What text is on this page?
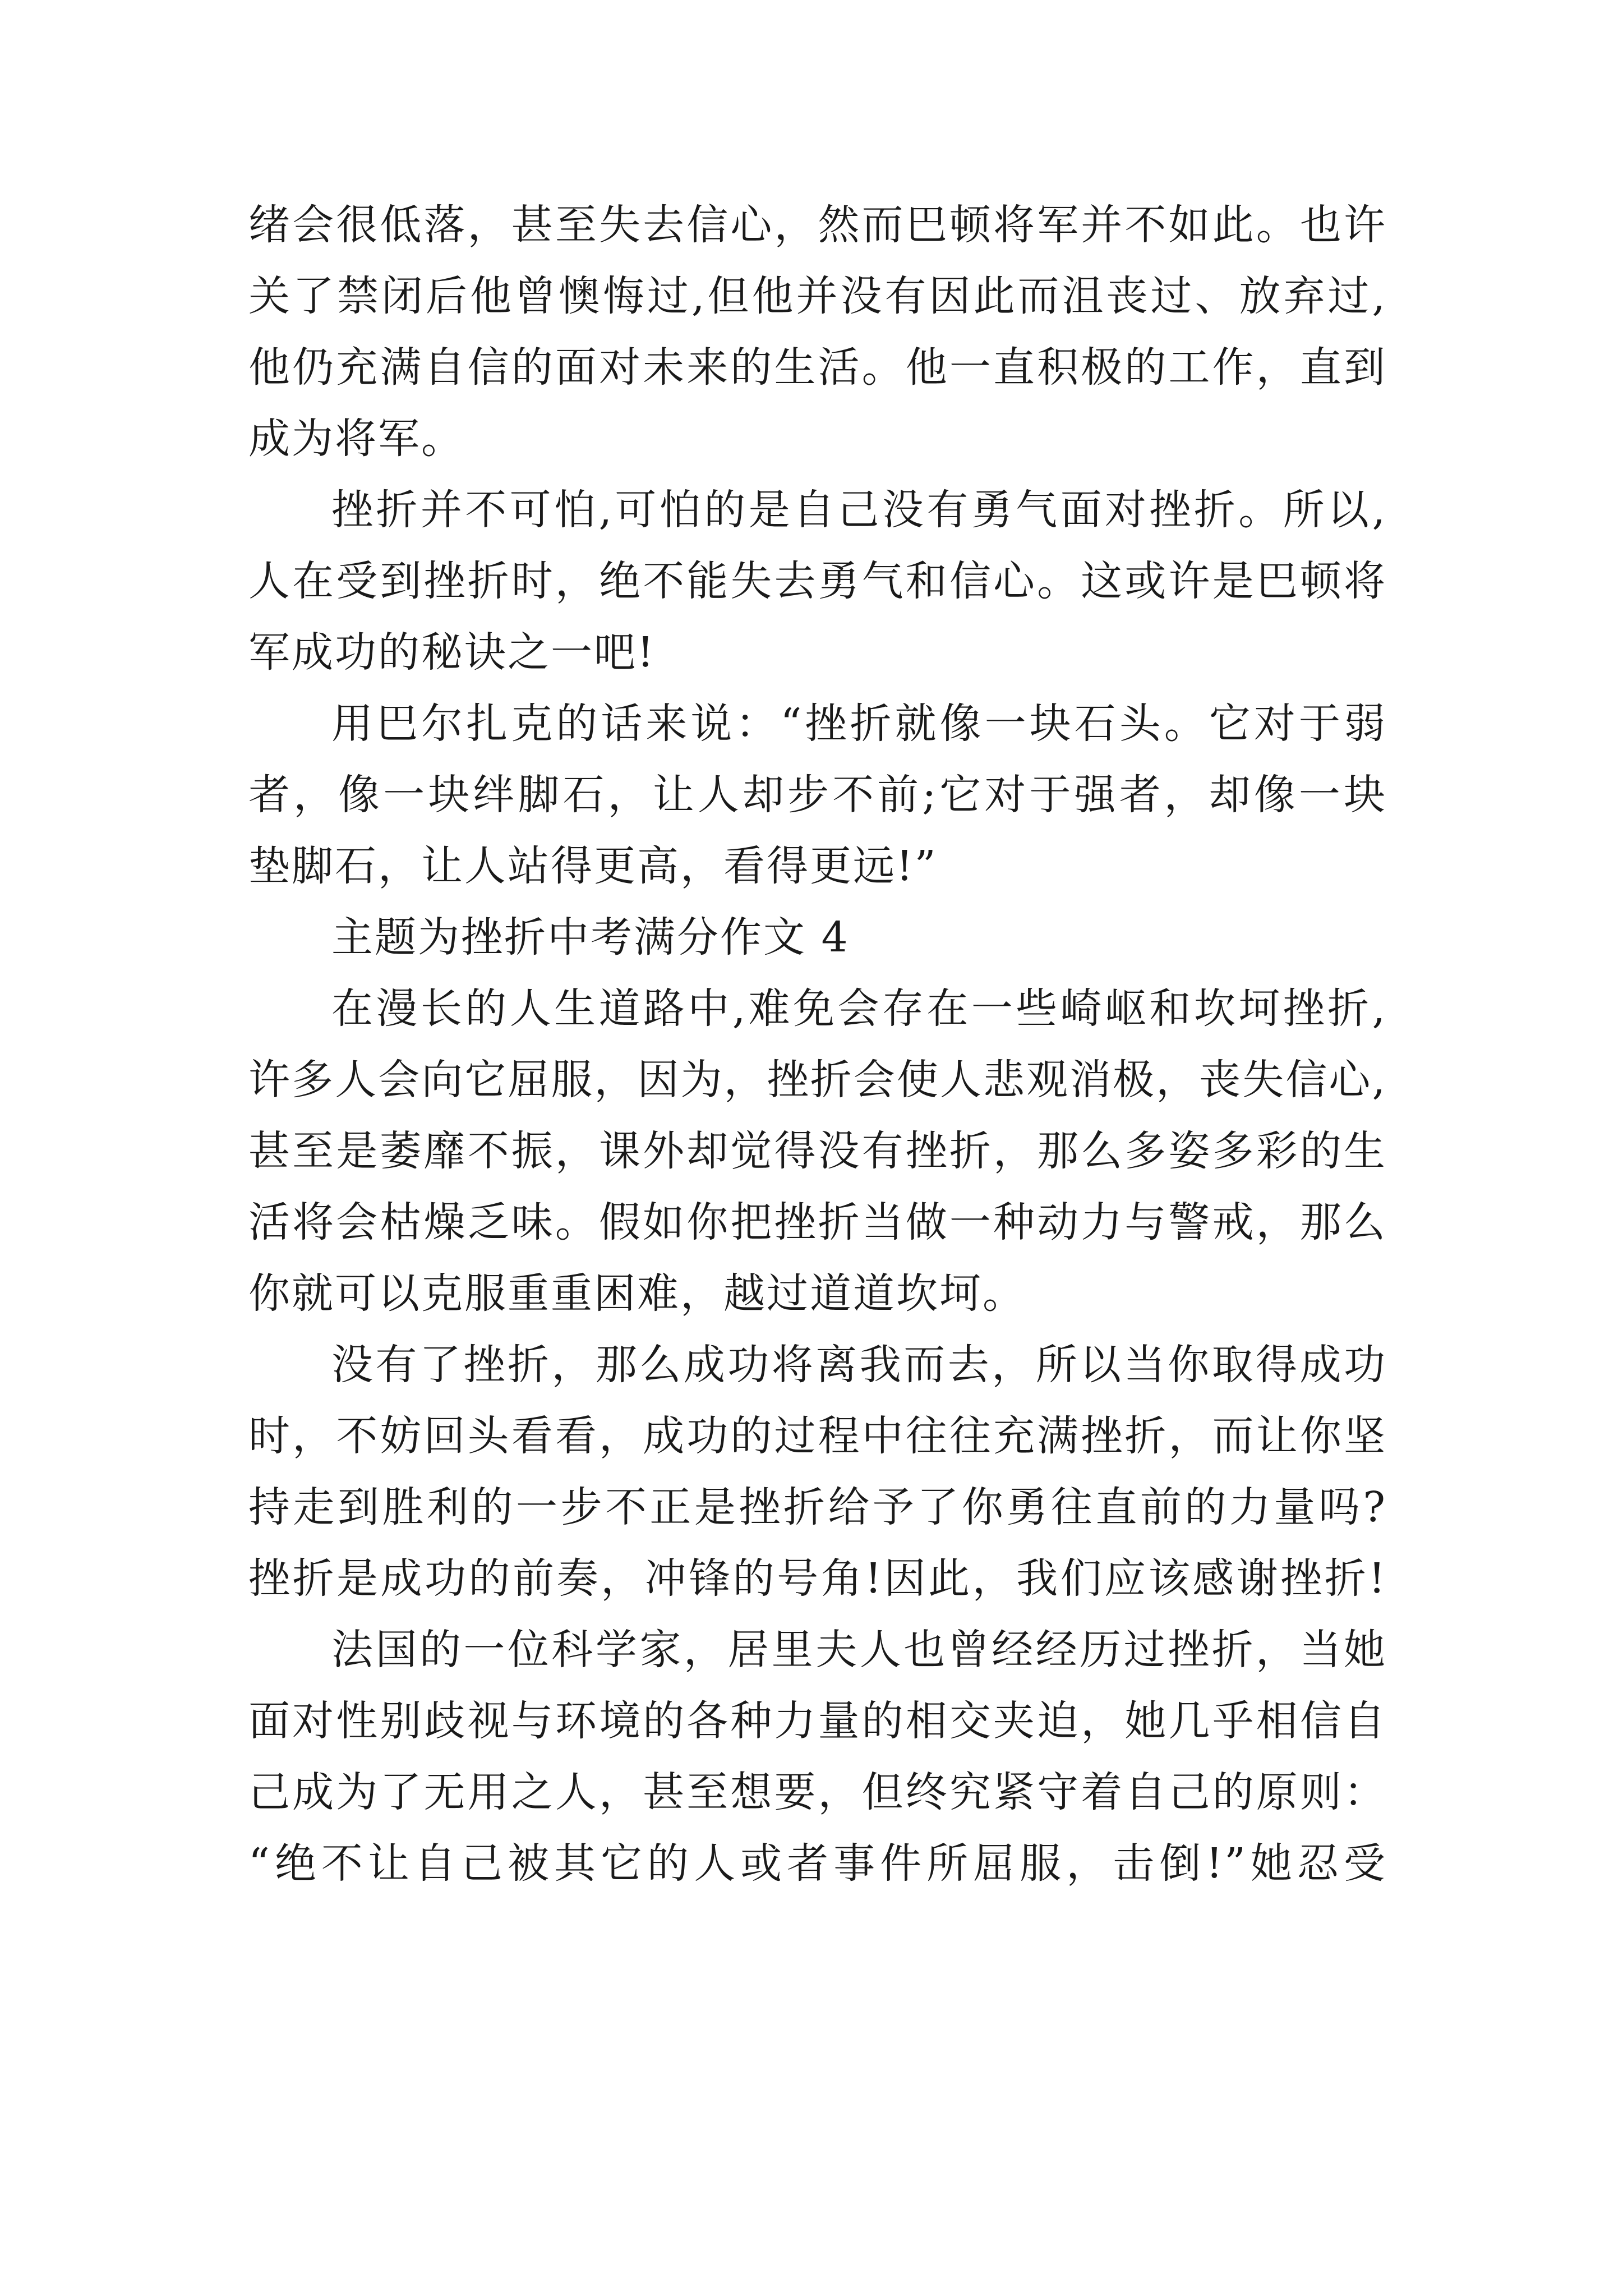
绪会很低落，甚至失去信心，然而巴顿将军并不如此。也许
关了禁闭后他曾懊悔过,但他并没有因此而沮丧过、放弃过,
他仍充满自信的面对未来的生活。他一直积极的工作，直到
成为将军。
挫折并不可怕,可怕的是自己没有勇气面对挫折。所以,
人在受到挫折时，绝不能失去勇气和信心。这或许是巴顿将
军成功的秘诀之一吧!
用巴尔扎克的话来说：“挫折就像一块石头。它对于弱
者，像一块绊脚石，让人却步不前;它对于强者，却像一块
垫脚石，让人站得更高，看得更远!”
主题为挫折中考满分作文 4
在漫长的人生道路中,难免会存在一些崎岖和坎坷挫折,
许多人会向它屈服，因为，挫折会使人悲观消极，丧失信心,
甚至是萎靡不振，课外却觉得没有挫折，那么多姿多彩的生
活将会枯燥乏味。假如你把挫折当做一种动力与警戒，那么
你就可以克服重重困难，越过道道坎坷。
没有了挫折，那么成功将离我而去，所以当你取得成功
时，不妨回头看看，成功的过程中往往充满挫折，而让你坚
持走到胜利的一步不正是挫折给予了你勇往直前的力量吗?
挫折是成功的前奏，冲锋的号角!因此，我们应该感谢挫折!
法国的一位科学家，居里夫人也曾经经历过挫折，当她
面对性别歧视与环境的各种力量的相交夹迫，她几乎相信自
己成为了无用之人，甚至想要，但终究紧守着自己的原则：
“绝不让自己被其它的人或者事件所屈服，击倒!”她忍受
